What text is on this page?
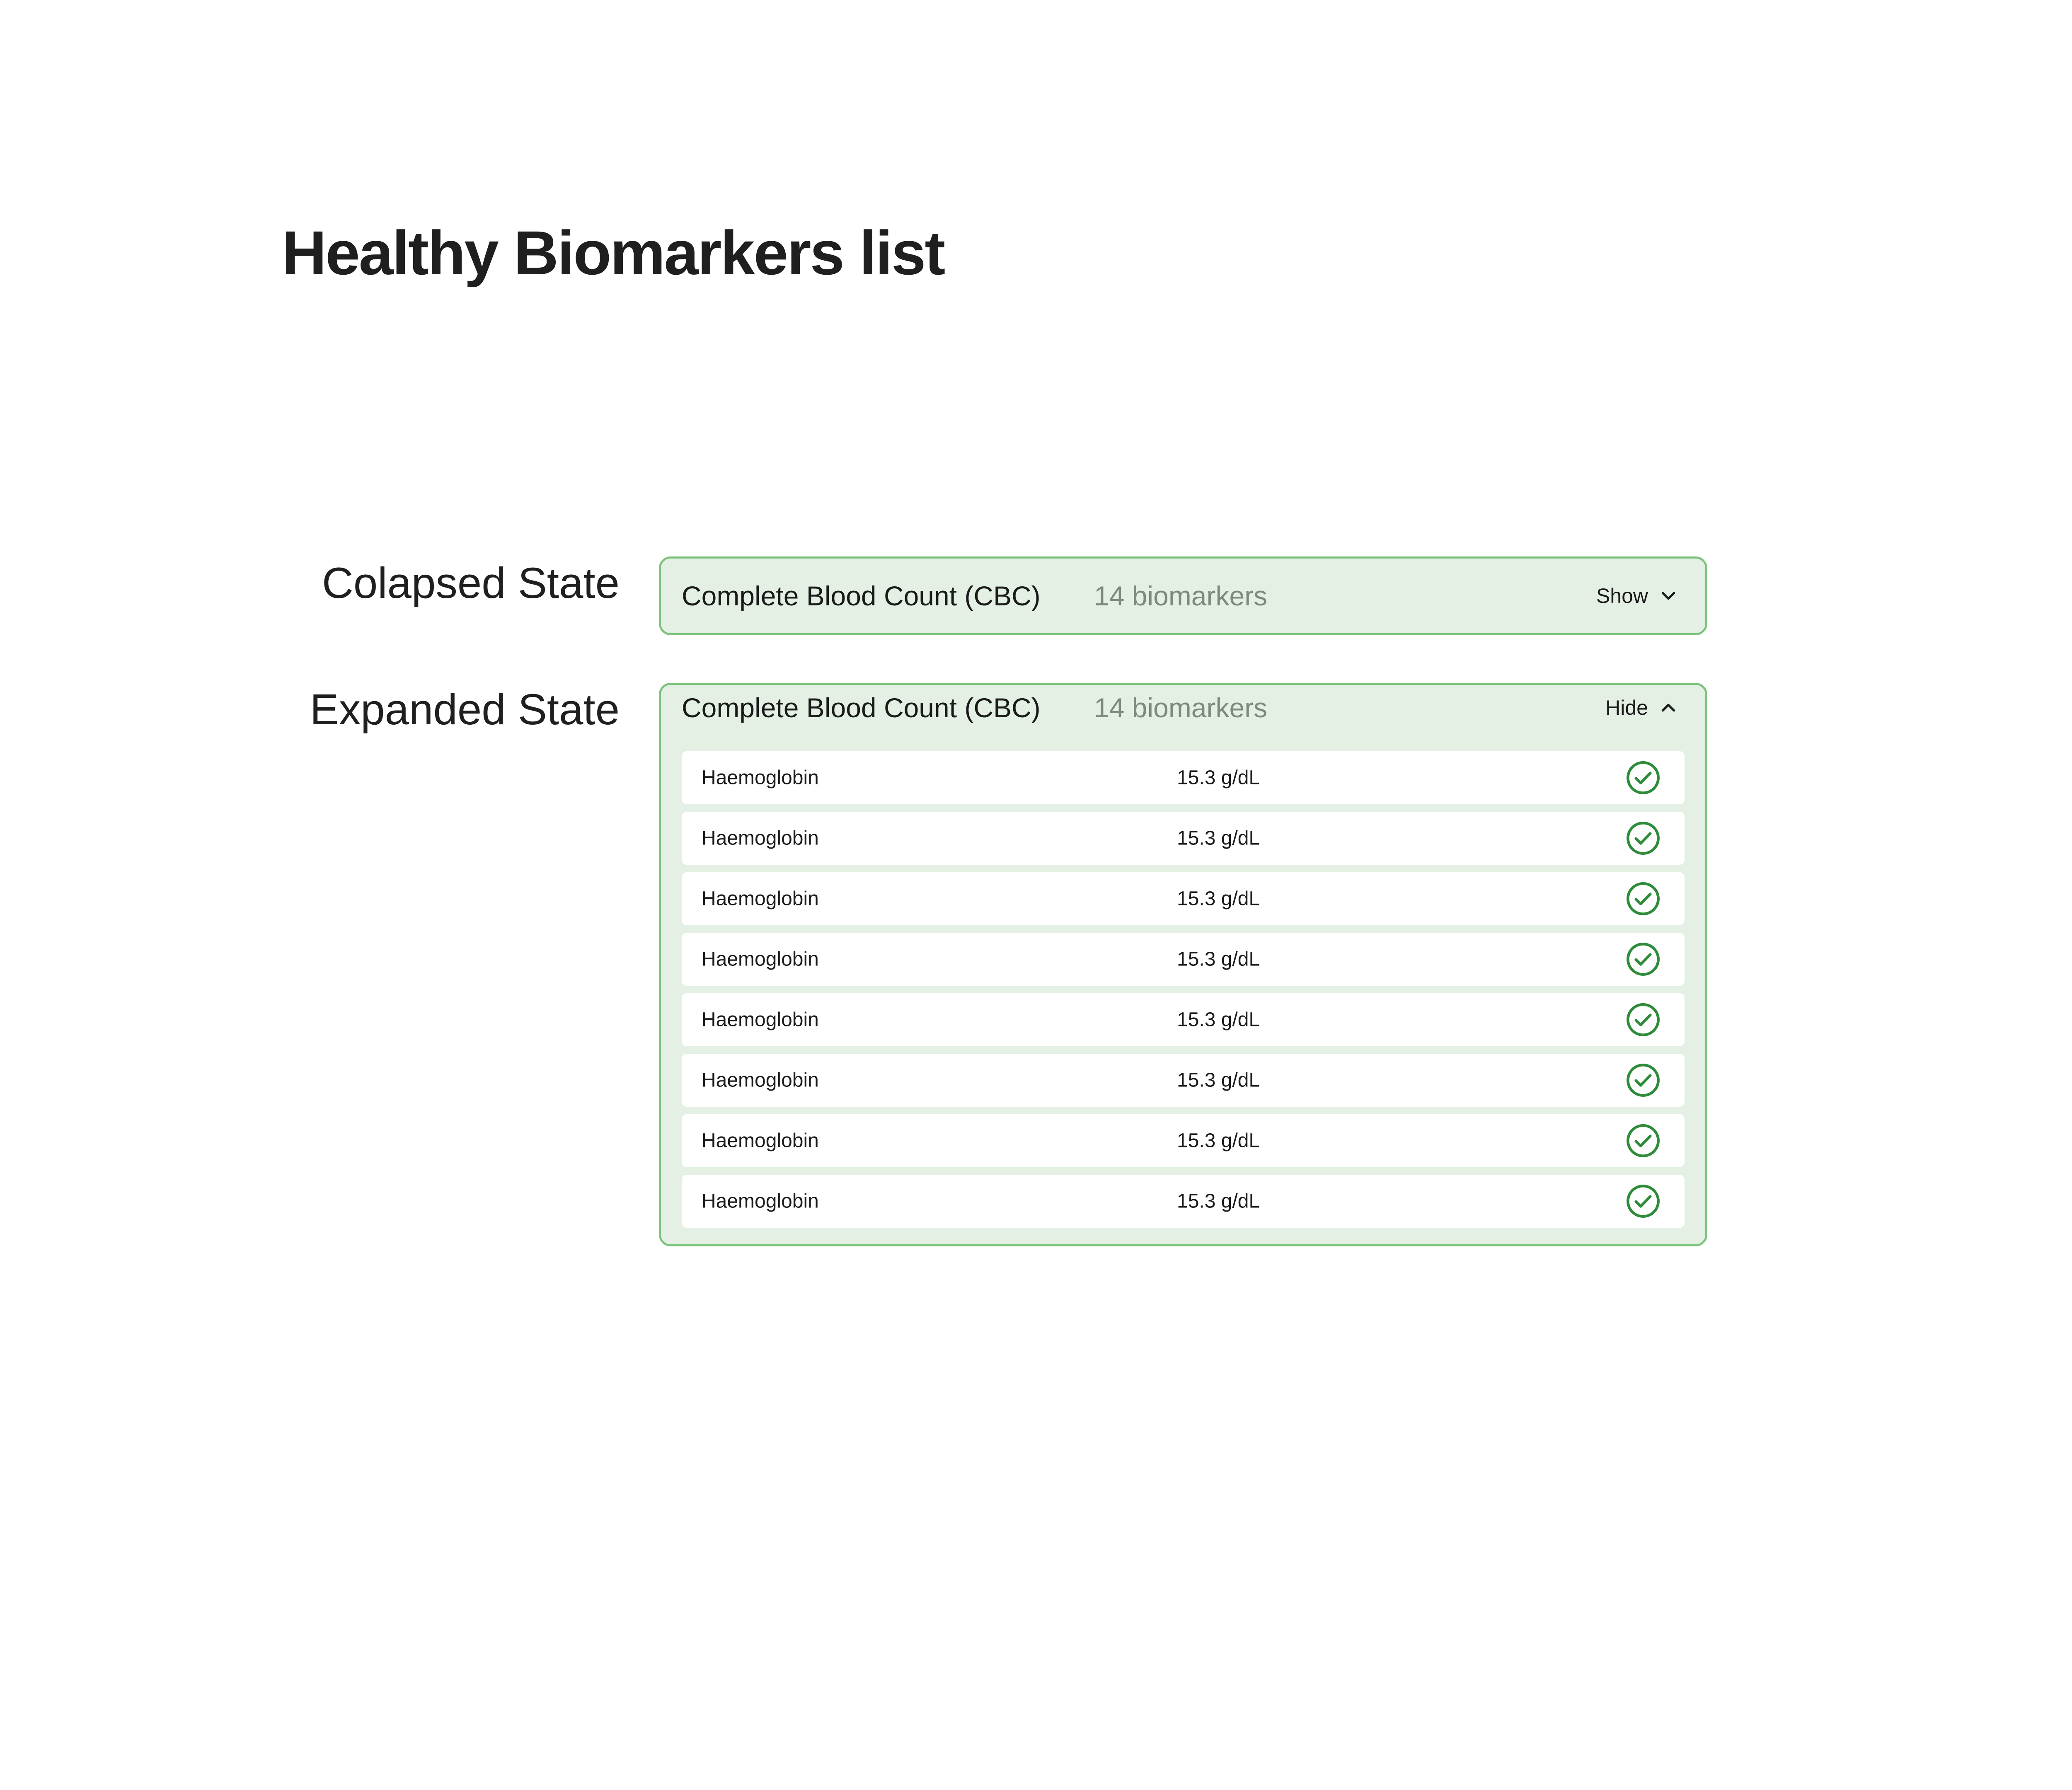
Healthy Biomarkers list
Colapsed State Complete Blood Count (CBC) 14 biomarkers	Show
Expanded State Complete Blood Count (CBC) 14 biomarkers	Hide
Haemoglobin	15.3 g/dL
Haemoglobin	15.3 g/dL
Haemoglobin	15.3 g/dL
Haemoglobin	15.3 g/dL
Haemoglobin	15.3 g/dL
Haemoglobin	15.3 g/dL
Haemoglobin	15.3 g/dL
Haemoglobin	15.3 g/dL
